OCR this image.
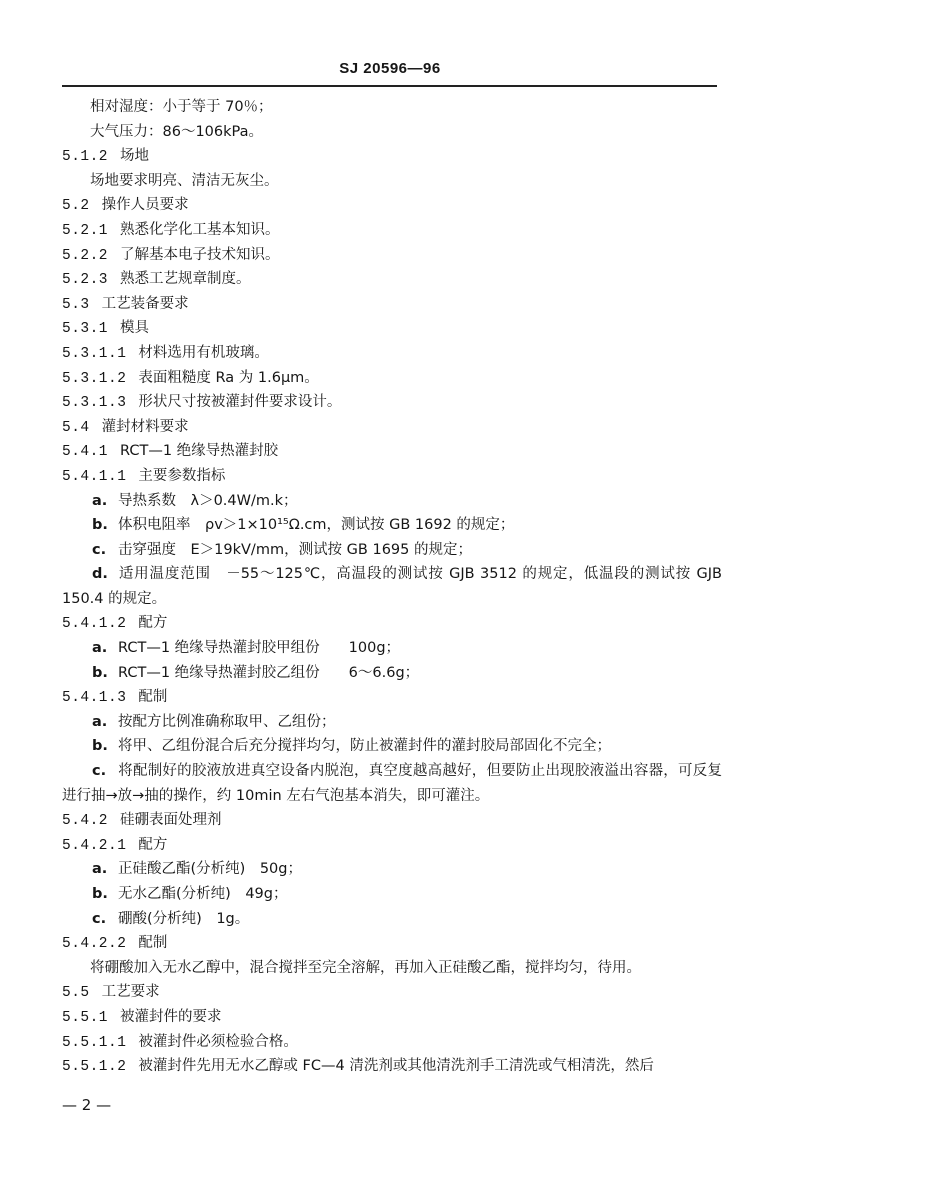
SJ 20596—96
相对湿度：小于等于 70％；
大气压力：86～106kPa。
5.1.2 场地
场地要求明亮、清洁无灰尘。
5.2 操作人员要求
5.2.1 熟悉化学化工基本知识。
5.2.2 了解基本电子技术知识。
5.2.3 熟悉工艺规章制度。
5.3 工艺装备要求
5.3.1 模具
5.3.1.1 材料选用有机玻璃。
5.3.1.2 表面粗糙度 Ra 为 1.6μm。
5.3.1.3 形状尺寸按被灌封件要求设计。
5.4 灌封材料要求
5.4.1 RCT—1 绝缘导热灌封胶
5.4.1.1 主要参数指标
a. 导热系数　λ＞0.4W/m.k；
b. 体积电阻率　ρv＞1×10¹⁵Ω.cm，测试按 GB 1692 的规定；
c. 击穿强度　E＞19kV/mm，测试按 GB 1695 的规定；
d. 适用温度范围　－55～125℃，高温段的测试按 GJB 3512 的规定，低温段的测试按 GJB 150.4 的规定。
5.4.1.2 配方
a. RCT—1 绝缘导热灌封胶甲组份　　100g；
b. RCT—1 绝缘导热灌封胶乙组份　　6～6.6g；
5.4.1.3 配制
a. 按配方比例准确称取甲、乙组份；
b. 将甲、乙组份混合后充分搅拌均匀，防止被灌封件的灌封胶局部固化不完全；
c. 将配制好的胶液放进真空设备内脱泡，真空度越高越好，但要防止出现胶液溢出容器，可反复进行抽→放→抽的操作，约 10min 左右气泡基本消失，即可灌注。
5.4.2 硅硼表面处理剂
5.4.2.1 配方
a. 正硅酸乙酯(分析纯)　50g；
b. 无水乙酯(分析纯)　49g；
c. 硼酸(分析纯)　1g。
5.4.2.2 配制
将硼酸加入无水乙醇中，混合搅拌至完全溶解，再加入正硅酸乙酯，搅拌均匀，待用。
5.5 工艺要求
5.5.1 被灌封件的要求
5.5.1.1 被灌封件必须检验合格。
5.5.1.2 被灌封件先用无水乙醇或 FC—4 清洗剂或其他清洗剂手工清洗或气相清洗，然后
— 2 —
